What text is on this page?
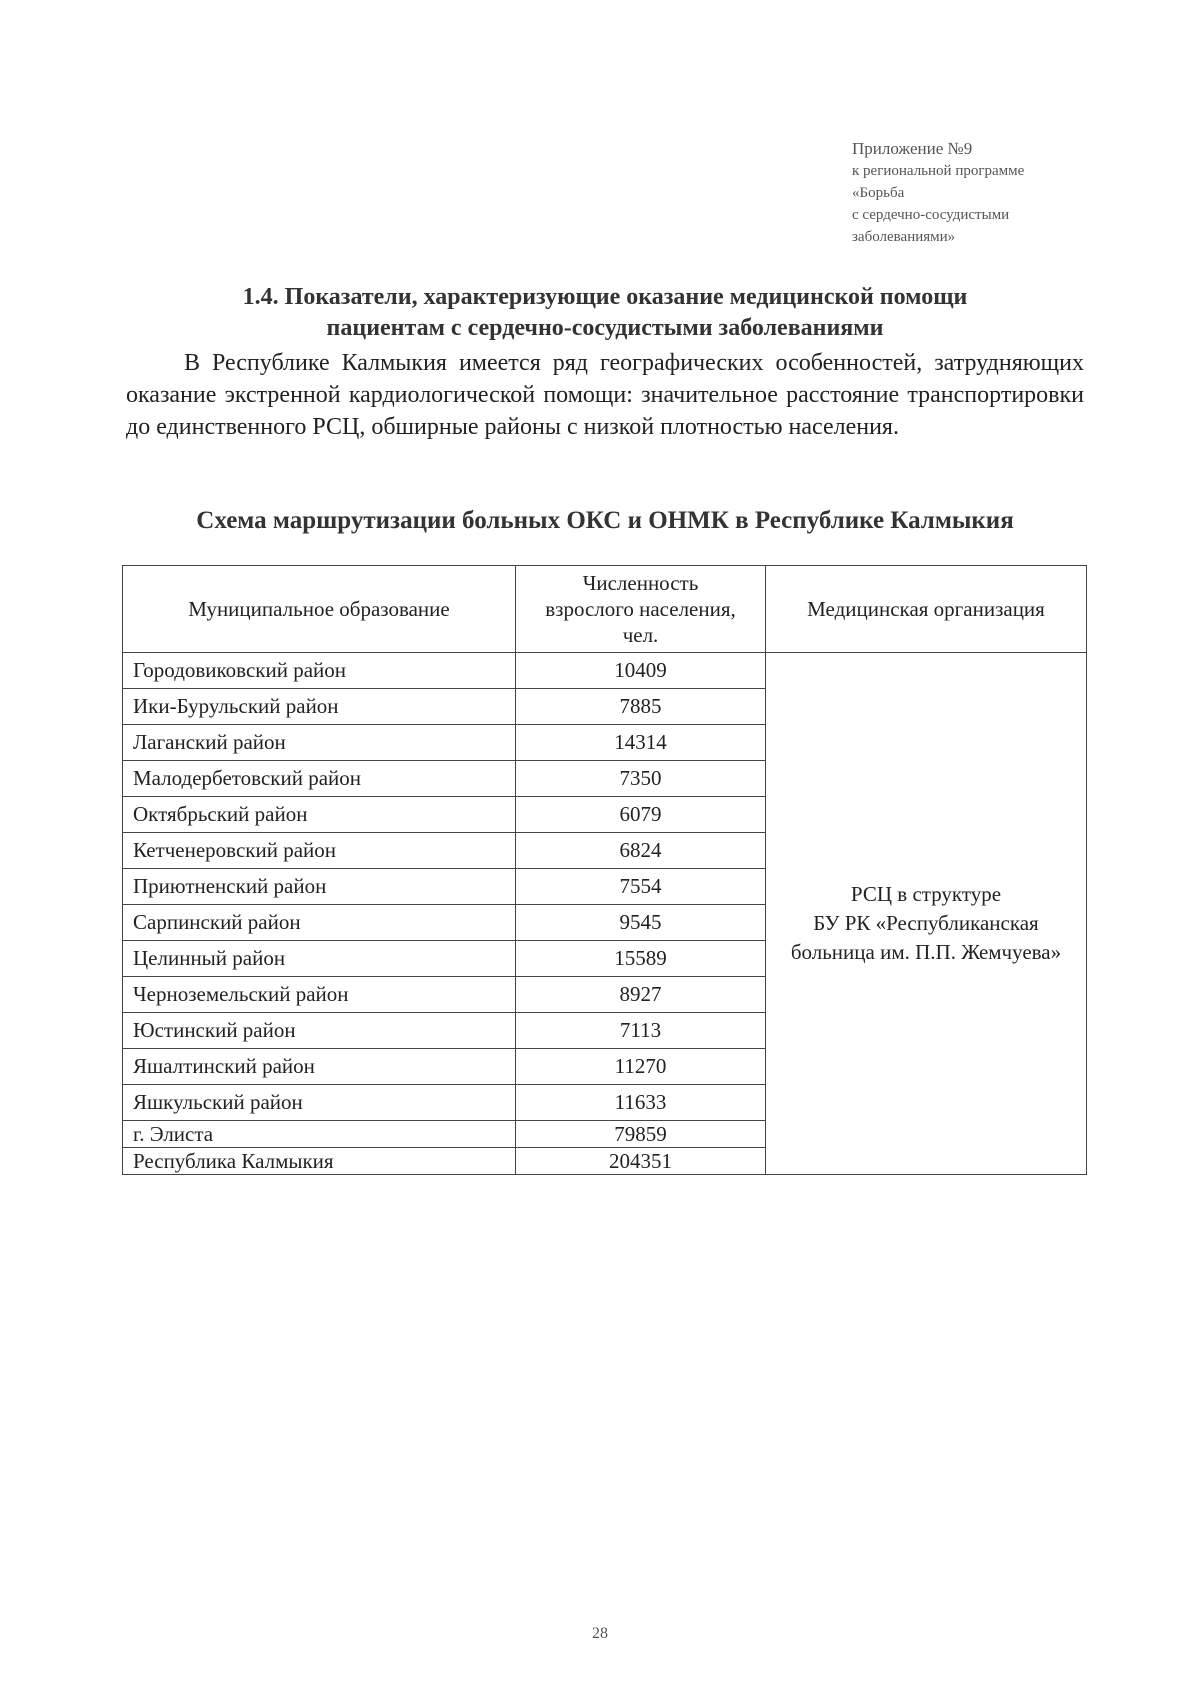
Приложение №9
к региональной программе
«Борьба
с сердечно-сосудистыми
заболеваниями»
1.4. Показатели, характеризующие оказание медицинской помощи
пациентам с сердечно-сосудистыми заболеваниями

В Республике Калмыкия имеется ряд географических особенностей, затрудняющих оказание экстренной кардиологической помощи: значительное расстояние транспортировки до единственного РСЦ, обширные районы с низкой плотностью населения.

Схема маршрутизации больных ОКС и ОНМК в Республике Калмыкия
Муниципальное образование	Численность
взрослого населения,
чел.	Медицинская организация
Городовиковский район	10409	РСЦ в структуре
БУ РК «Республиканская
больница им. П.П. Жемчуева»

Ики-Бурульский район	7885	
Лаганский район	14314	
Малодербетовский район	7350	
Октябрьский район	6079	
Кетченеровский район	6824	
Приютненский район	7554	
Сарпинский район	9545	
Целинный район	15589	
Черноземельский район	8927	
Юстинский район	7113	
Яшалтинский район	11270	
Яшкульский район	11633	
г. Элиста	79859	
Республика Калмыкия	204351	
28
